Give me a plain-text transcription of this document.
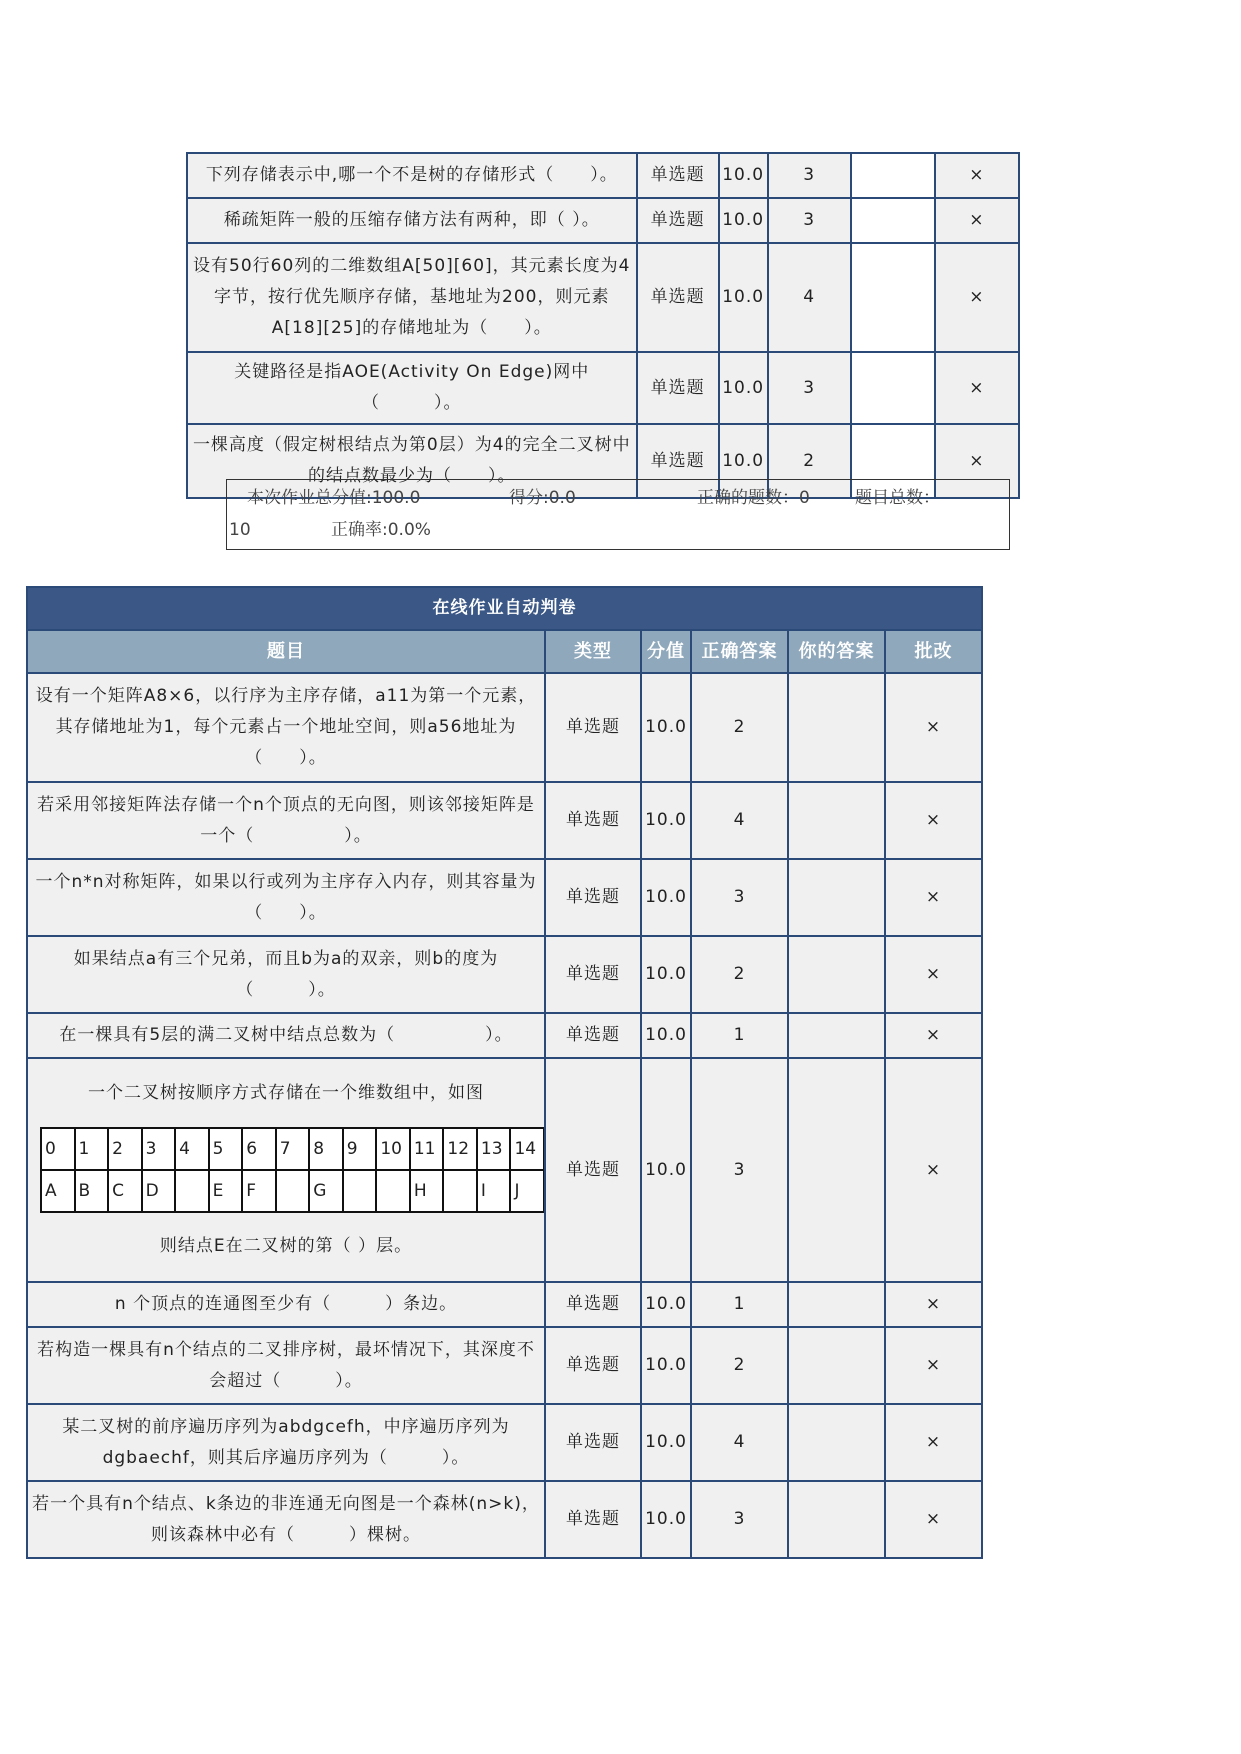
下列存储表示中,哪一个不是树的存储形式（　　）。	单选题	10.0	3		×
稀疏矩阵一般的压缩存储方法有两种，即（ ）。	单选题	10.0	3		×
设有50行60列的二维数组A[50][60]，其元素长度为4字节，按行优先顺序存储，基地址为200，则元素A[18][25]的存储地址为（　　）。	单选题	10.0	4		×
关键路径是指AOE(Activity On Edge)网中（　　　）。	单选题	10.0	3		×
一棵高度（假定树根结点为第0层）为4的完全二叉树中的结点数最少为（　　）。	单选题	10.0	2		×
本次作业总分值:100.0	得分:0.0	正确的题数：0	题目总数：
10	正确率:0.0%
在线作业自动判卷
题目	类型	分值	正确答案	你的答案	批改
设有一个矩阵A8×6，以行序为主序存储，a11为第一个元素，其存储地址为1，每个元素占一个地址空间，则a56地址为（　　）。	单选题	10.0	2		×
若采用邻接矩阵法存储一个n个顶点的无向图，则该邻接矩阵是一个（　　　　　）。	单选题	10.0	4		×
一个n*n对称矩阵，如果以行或列为主序存入内存，则其容量为（　　）。	单选题	10.0	3		×
如果结点a有三个兄弟，而且b为a的双亲，则b的度为（　　　）。	单选题	10.0	2		×
在一棵具有5层的满二叉树中结点总数为（　　　　　）。	单选题	10.0	1		×

一个二叉树按顺序方式存储在一个维数组中，如图
0	1	2	3	4	5	6	7	8	9	10	11	12	13	14
A	B	C	D		E	F		G			H		I	J
则结点E在二叉树的第（ ）层。
	单选题	10.0	3		×
n 个顶点的连通图至少有（　　　）条边。	单选题	10.0	1		×
若构造一棵具有n个结点的二叉排序树，最坏情况下，其深度不会超过（　　　）。	单选题	10.0	2		×
某二叉树的前序遍历序列为abdgcefh，中序遍历序列为dgbaechf，则其后序遍历序列为（　　　）。	单选题	10.0	4		×
若一个具有n个结点、k条边的非连通无向图是一个森林(n>k)，则该森林中必有（　　　）棵树。	单选题	10.0	3		×
